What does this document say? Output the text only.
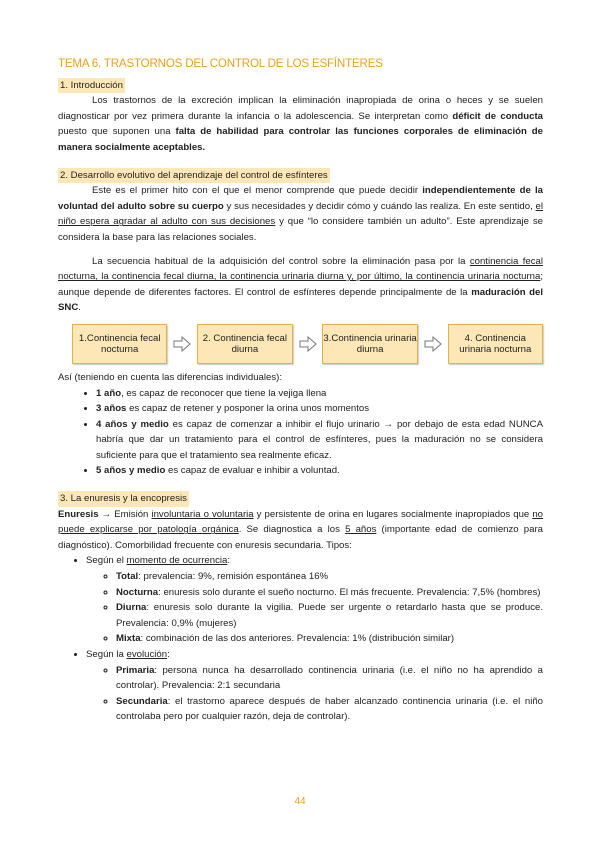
TEMA 6. TRASTORNOS DEL CONTROL DE LOS ESFÍNTERES
1. Introducción

Los trastornos de la excreción implican la eliminación inapropiada de orina o heces y se suelen diagnosticar por vez primera durante la infancia o la adolescencia. Se interpretan como déficit de conducta puesto que suponen una falta de habilidad para controlar las funciones corporales de eliminación de manera socialmente aceptables.

2. Desarrollo evolutivo del aprendizaje del control de esfínteres

Este es el primer hito con el que el menor comprende que puede decidir independientemente de la voluntad del adulto sobre su cuerpo y sus necesidades y decidir cómo y cuándo las realiza. En este sentido, el niño espera agradar al adulto con sus decisiones y que “lo considere también un adulto”. Este aprendizaje se considera la base para las relaciones sociales.

La secuencia habitual de la adquisición del control sobre la eliminación pasa por la continencia fecal nocturna, la continencia fecal diurna, la continencia urinaria diurna y, por último, la continencia urinaria nocturna; aunque depende de diferentes factores. El control de esfínteres depende principalmente de la maduración del SNC.

1.Continencia fecal nocturna
2. Continencia fecal diurna
3.Continencia urinaria diurna
4. Continencia urinaria nocturna

Así (teniendo en cuenta las diferencias individuales):

• 1 año, es capaz de reconocer que tiene la vejiga llena
• 3 años es capaz de retener y posponer la orina unos momentos
• 4 años y medio es capaz de comenzar a inhibir el flujo urinario → por debajo de esta edad NUNCA habría que dar un tratamiento para el control de esfínteres, pues la maduración no se considera suficiente para que el tratamiento sea realmente eficaz.
• 5 años y medio es capaz de evaluar e inhibir a voluntad.
3. La enuresis y la encopresis

Enuresis → Emisión involuntaria o voluntaria y persistente de orina en lugares socialmente inapropiados que no puede explicarse por patología orgánica. Se diagnostica a los 5 años (importante edad de comienzo para diagnóstico). Comorbilidad frecuente con enuresis secundaria. Tipos:

• Según el momento de ocurrencia:
◦ Total: prevalencia: 9%, remisión espontánea 16%
◦ Nocturna: enuresis solo durante el sueño nocturno. El más frecuente. Prevalencia: 7,5% (hombres)
◦ Diurna: enuresis solo durante la vigilia. Puede ser urgente o retardarlo hasta que se produce. Prevalencia: 0,9% (mujeres)
◦ Mixta: combinación de las dos anteriores. Prevalencia: 1% (distribución similar)
• Según la evolución:
◦ Primaria: persona nunca ha desarrollado continencia urinaria (i.e. el niño no ha aprendido a controlar). Prevalencia: 2:1 secundaria
◦ Secundaria: el trastorno aparece después de haber alcanzado continencia urinaria (i.e. el niño controlaba pero por cualquier razón, deja de controlar).
44
